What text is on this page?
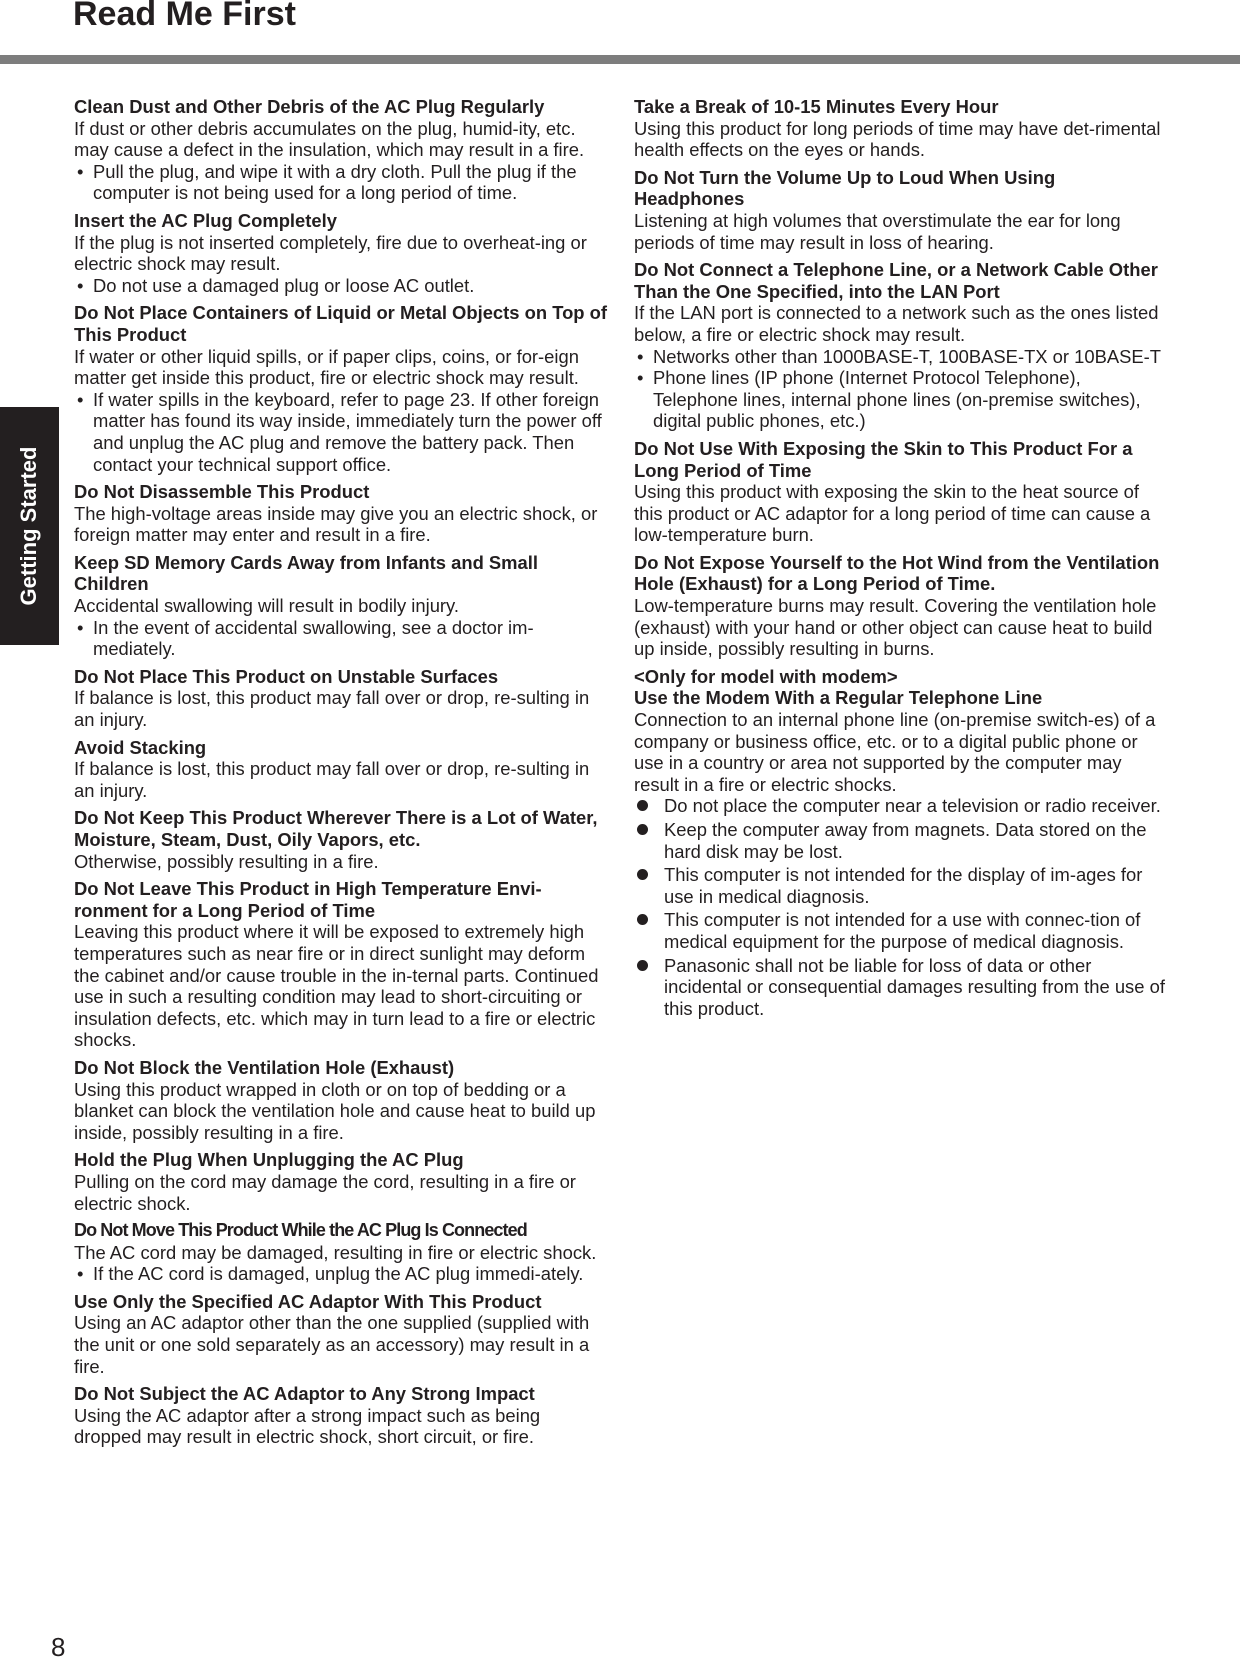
Read Me First
Getting Started
Clean Dust and Other Debris of the AC Plug Regularly

If dust or other debris accumulates on the plug, humid-ity, etc. may cause a defect in the insulation, which may result in a fire.

• Pull the plug, and wipe it with a dry cloth. Pull the plug if the computer is not being used for a long period of time.
Insert the AC Plug Completely

If the plug is not inserted completely, fire due to overheat-ing or electric shock may result.

• Do not use a damaged plug or loose AC outlet.
Do Not Place Containers of Liquid or Metal Objects on Top of This Product

If water or other liquid spills, or if paper clips, coins, or for-eign matter get inside this product, fire or electric shock may result.

• If water spills in the keyboard, refer to page 23. If other foreign matter has found its way inside, immediately turn the power off and unplug the AC plug and remove the battery pack. Then contact your technical support office.
Do Not Disassemble This Product

The high-voltage areas inside may give you an electric shock, or foreign matter may enter and result in a fire.

Keep SD Memory Cards Away from Infants and Small Children

Accidental swallowing will result in bodily injury.

• In the event of accidental swallowing, see a doctor im-mediately.
Do Not Place This Product on Unstable Surfaces

If balance is lost, this product may fall over or drop, re-sulting in an injury.

Avoid Stacking

If balance is lost, this product may fall over or drop, re-sulting in an injury.

Do Not Keep This Product Wherever There is a Lot of Water, Moisture, Steam, Dust, Oily Vapors, etc.

Otherwise, possibly resulting in a fire.

Do Not Leave This Product in High Temperature Envi-ronment for a Long Period of Time

Leaving this product where it will be exposed to extremely high temperatures such as near fire or in direct sunlight may deform the cabinet and/or cause trouble in the in-ternal parts. Continued use in such a resulting condition may lead to short-circuiting or insulation defects, etc. which may in turn lead to a fire or electric shocks.

Do Not Block the Ventilation Hole (Exhaust)

Using this product wrapped in cloth or on top of bedding or a blanket can block the ventilation hole and cause heat to build up inside, possibly resulting in a fire.

Hold the Plug When Unplugging the AC Plug

Pulling on the cord may damage the cord, resulting in a fire or electric shock.

Do Not Move This Product While the AC Plug Is Connected

The AC cord may be damaged, resulting in fire or electric shock.

• If the AC cord is damaged, unplug the AC plug immedi-ately.
Use Only the Specified AC Adaptor With This Product

Using an AC adaptor other than the one supplied (supplied with the unit or one sold separately as an accessory) may result in a fire.

Do Not Subject the AC Adaptor to Any Strong Impact

Using the AC adaptor after a strong impact such as being dropped may result in electric shock, short circuit, or fire.

Take a Break of 10-15 Minutes Every Hour

Using this product for long periods of time may have det-rimental health effects on the eyes or hands.

Do Not Turn the Volume Up to Loud When Using Headphones

Listening at high volumes that overstimulate the ear for long periods of time may result in loss of hearing.

Do Not Connect a Telephone Line, or a Network Cable Other Than the One Specified, into the LAN Port

If the LAN port is connected to a network such as the ones listed below, a fire or electric shock may result.

• Networks other than 1000BASE-T, 100BASE-TX or 10BASE-T
• Phone lines (IP phone (Internet Protocol Telephone), Telephone lines, internal phone lines (on-premise switches), digital public phones, etc.)
Do Not Use With Exposing the Skin to This Product For a Long Period of Time

Using this product with exposing the skin to the heat source of this product or AC adaptor for a long period of time can cause a low-temperature burn.

Do Not Expose Yourself to the Hot Wind from the Ventilation Hole (Exhaust) for a Long Period of Time.

Low-temperature burns may result. Covering the ventilation hole (exhaust) with your hand or other object can cause heat to build up inside, possibly resulting in burns.

<Only for model with modem>

Use the Modem With a Regular Telephone Line

Connection to an internal phone line (on-premise switch-es) of a company or business office, etc. or to a digital public phone or use in a country or area not supported by the computer may result in a fire or electric shocks.

Do not place the computer near a television or radio receiver.
Keep the computer away from magnets. Data stored on the hard disk may be lost.
This computer is not intended for the display of im-ages for use in medical diagnosis.
This computer is not intended for a use with connec-tion of medical equipment for the purpose of medical diagnosis.
Panasonic shall not be liable for loss of data or other incidental or consequential damages resulting from the use of this product.

8
